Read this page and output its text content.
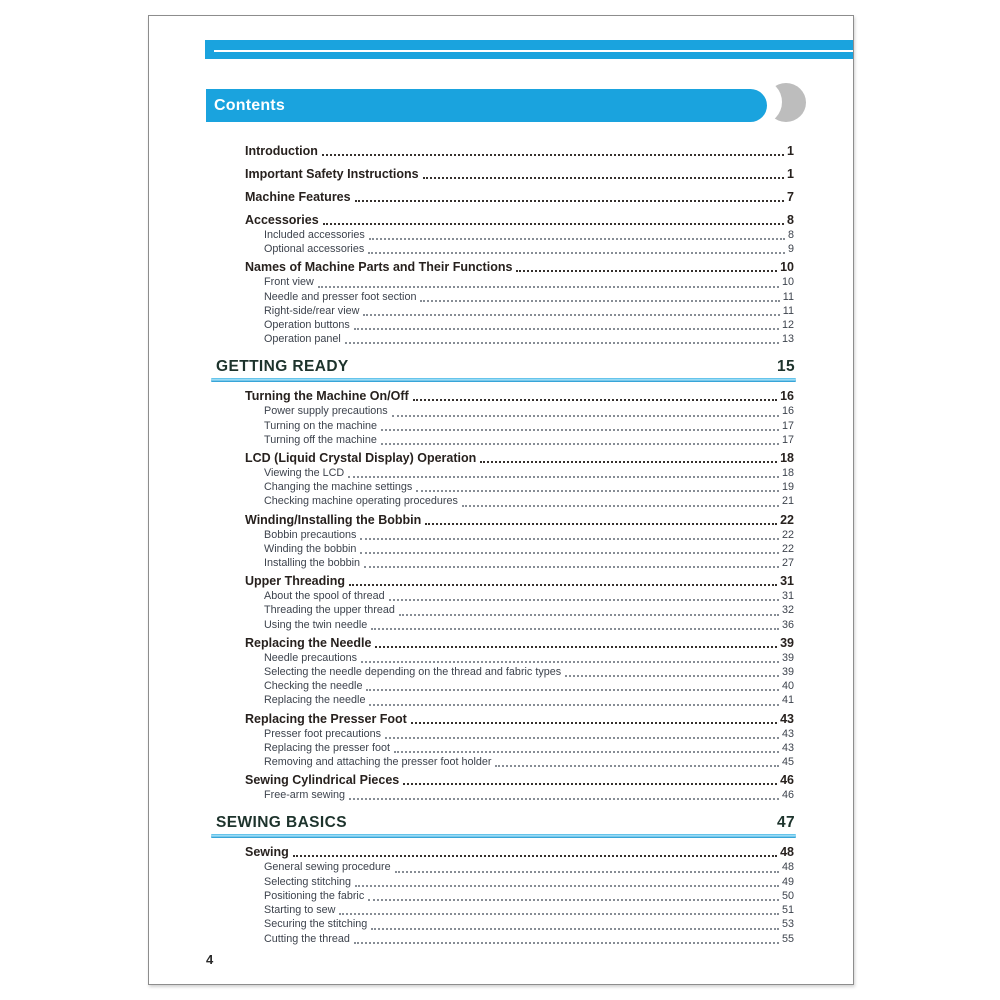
Contents
Introduction	1
Important Safety Instructions	1
Machine Features	7
Accessories	8
Included accessories	8
Optional accessories	9
Names of Machine Parts and Their Functions	10
Front view	10
Needle and presser foot section	11
Right-side/rear view	11
Operation buttons	12
Operation panel	13
GETTING READY	15
Turning the Machine On/Off	16
Power supply precautions	16
Turning on the machine	17
Turning off the machine	17
LCD (Liquid Crystal Display) Operation	18
Viewing the LCD	18
Changing the machine settings	19
Checking machine operating procedures	21
Winding/Installing the Bobbin	22
Bobbin precautions	22
Winding the bobbin	22
Installing the bobbin	27
Upper Threading	31
About the spool of thread	31
Threading the upper thread	32
Using the twin needle	36
Replacing the Needle	39
Needle precautions	39
Selecting the needle depending on the thread and fabric types	39
Checking the needle	40
Replacing the needle	41
Replacing the Presser Foot	43
Presser foot precautions	43
Replacing the presser foot	43
Removing and attaching the presser foot holder	45
Sewing Cylindrical Pieces	46
Free-arm sewing	46
SEWING BASICS	47
Sewing	48
General sewing procedure	48
Selecting stitching	49
Positioning the fabric	50
Starting to sew	51
Securing the stitching	53
Cutting the thread	55
4
